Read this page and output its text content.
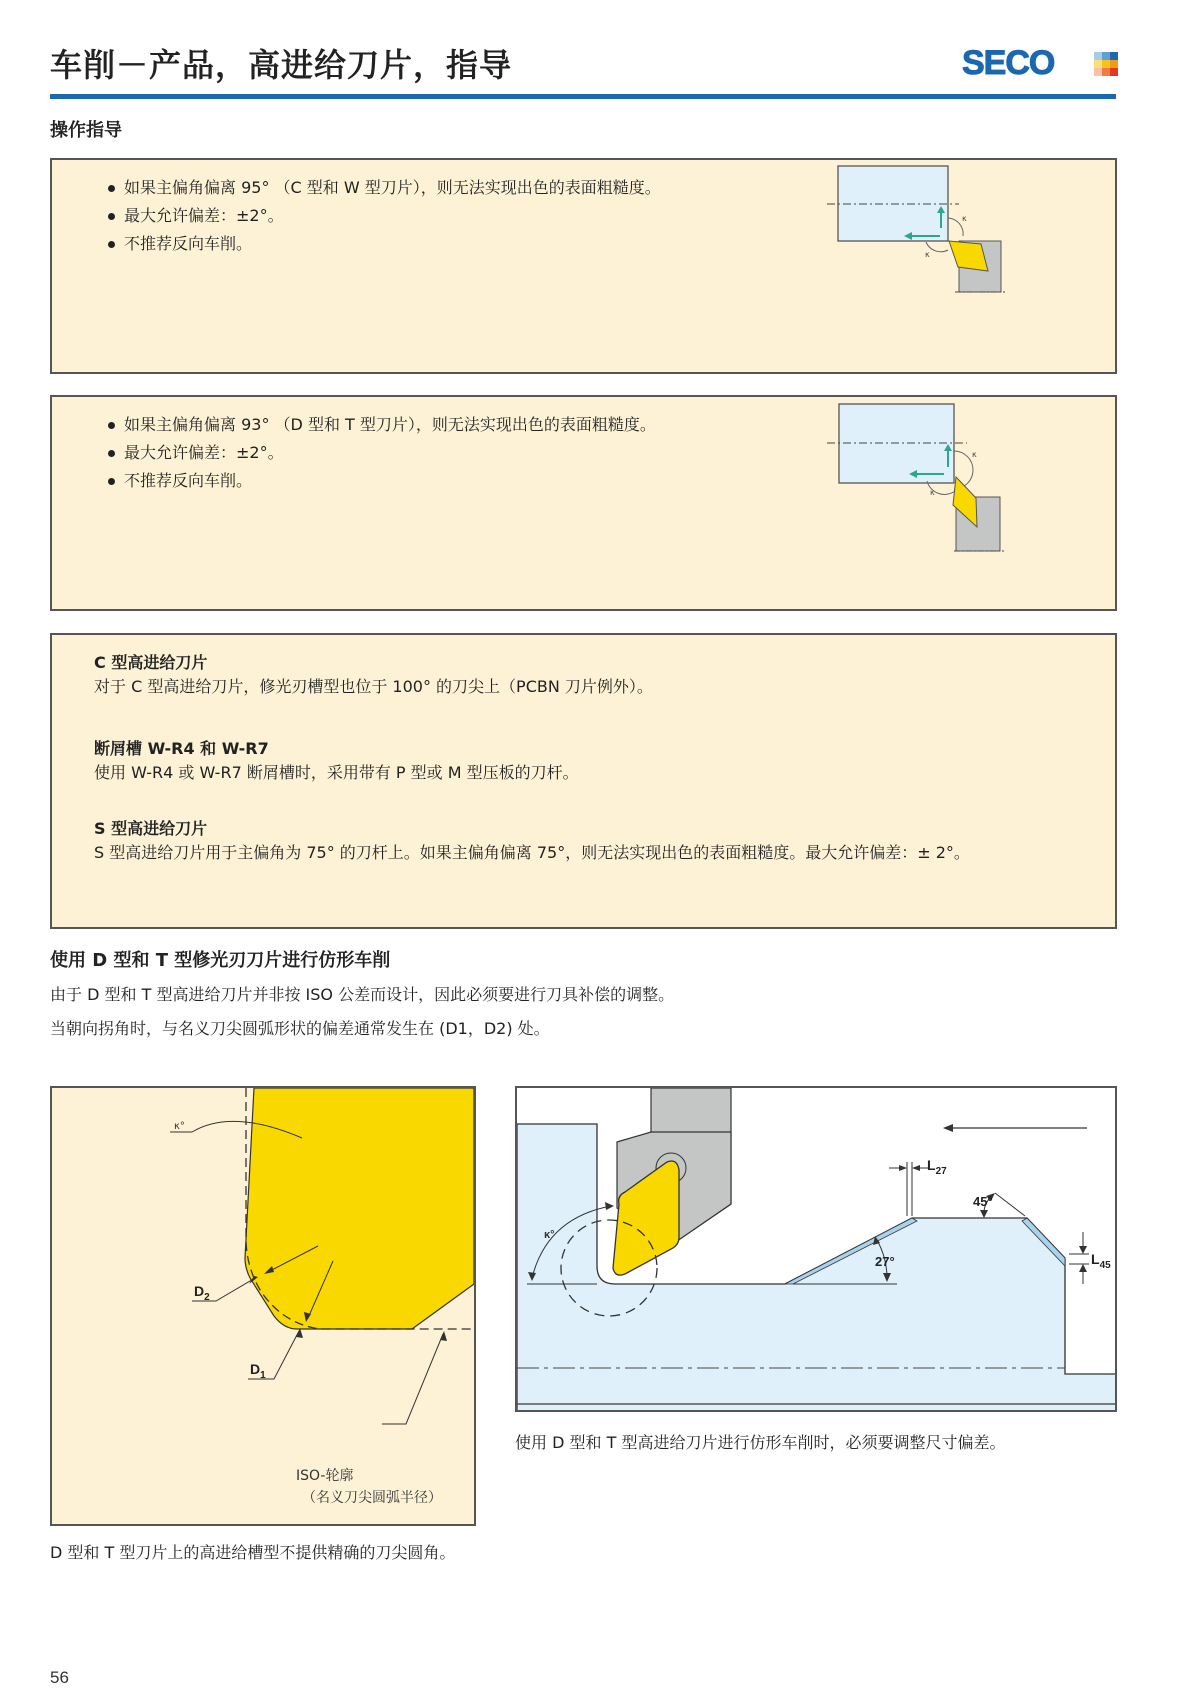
车削－产品，高进给刀片，指导	SECO
操作指导
如果主偏角偏离 95° （C 型和 W 型刀片），则无法实现出色的表面粗糙度。
最大允许偏差：±2°。
不推荐反向车削。
κ
κ
如果主偏角偏离 93° （D 型和 T 型刀片），则无法实现出色的表面粗糙度。
最大允许偏差：±2°。
不推荐反向车削。
κ
κ
C 型高进给刀片
对于 C 型高进给刀片，修光刃槽型也位于 100° 的刀尖上（PCBN 刀片例外）。
断屑槽 W-R4 和 W-R7
使用 W-R4 或 W-R7 断屑槽时，采用带有 P 型或 M 型压板的刀杆。
S 型高进给刀片
S 型高进给刀片用于主偏角为 75° 的刀杆上。如果主偏角偏离 75°，则无法实现出色的表面粗糙度。最大允许偏差：± 2°。
使用 D 型和 T 型修光刃刀片进行仿形车削
由于 D 型和 T 型高进给刀片并非按 ISO 公差而设计，因此必须要进行刀具补偿的调整。
当朝向拐角时，与名义刀尖圆弧形状的偏差通常发生在 (D1，D2) 处。
κ°
$D_2$
$D_1$
ISO-轮廓
（名义刀尖圆弧半径）
D 型和 T 型刀片上的高进给槽型不提供精确的刀尖圆角。
κ°
$L_{27}$
27°
45°
$L_{45}$
使用 D 型和 T 型高进给刀片进行仿形车削时，必须要调整尺寸偏差。
56
